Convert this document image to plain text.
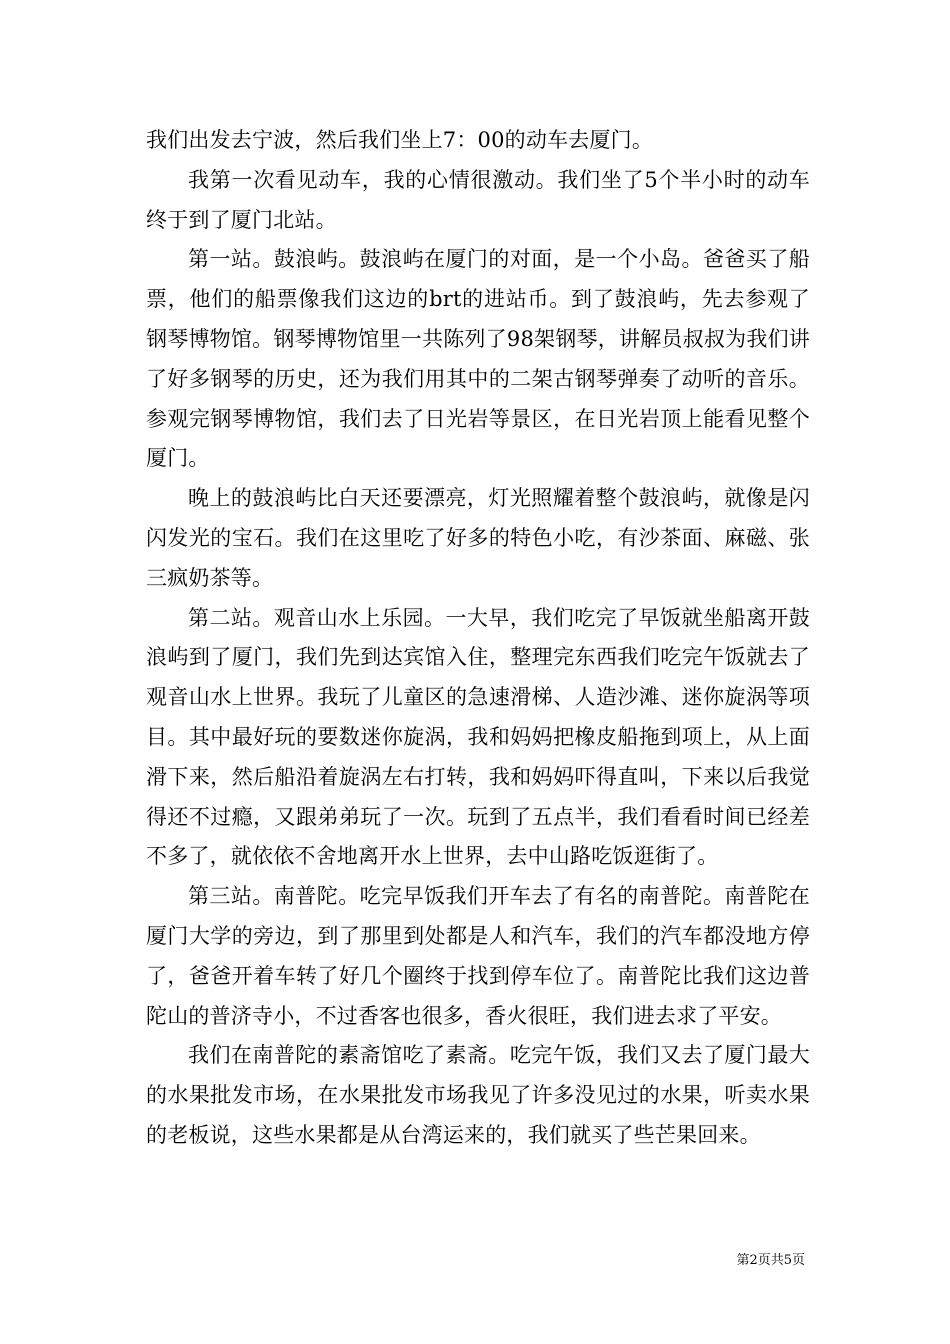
我们出发去宁波，然后我们坐上7：00的动车去厦门。

我第一次看见动车，我的心情很激动。我们坐了5个半小时的动车终于到了厦门北站。

第一站。鼓浪屿。鼓浪屿在厦门的对面，是一个小岛。爸爸买了船票，他们的船票像我们这边的brt的进站币。到了鼓浪屿，先去参观了钢琴博物馆。钢琴博物馆里一共陈列了98架钢琴，讲解员叔叔为我们讲了好多钢琴的历史，还为我们用其中的二架古钢琴弹奏了动听的音乐。参观完钢琴博物馆，我们去了日光岩等景区，在日光岩顶上能看见整个厦门。

晚上的鼓浪屿比白天还要漂亮，灯光照耀着整个鼓浪屿，就像是闪闪发光的宝石。我们在这里吃了好多的特色小吃，有沙茶面、麻磁、张三疯奶茶等。

第二站。观音山水上乐园。一大早，我们吃完了早饭就坐船离开鼓浪屿到了厦门，我们先到达宾馆入住，整理完东西我们吃完午饭就去了观音山水上世界。我玩了儿童区的急速滑梯、人造沙滩、迷你旋涡等项目。其中最好玩的要数迷你旋涡，我和妈妈把橡皮船拖到项上，从上面滑下来，然后船沿着旋涡左右打转，我和妈妈吓得直叫，下来以后我觉得还不过瘾，又跟弟弟玩了一次。玩到了五点半，我们看看时间已经差不多了，就依依不舍地离开水上世界，去中山路吃饭逛街了。

第三站。南普陀。吃完早饭我们开车去了有名的南普陀。南普陀在厦门大学的旁边，到了那里到处都是人和汽车，我们的汽车都没地方停了，爸爸开着车转了好几个圈终于找到停车位了。南普陀比我们这边普陀山的普济寺小，不过香客也很多，香火很旺，我们进去求了平安。

我们在南普陀的素斋馆吃了素斋。吃完午饭，我们又去了厦门最大的水果批发市场，在水果批发市场我见了许多没见过的水果，听卖水果的老板说，这些水果都是从台湾运来的，我们就买了些芒果回来。

第2页共5页
